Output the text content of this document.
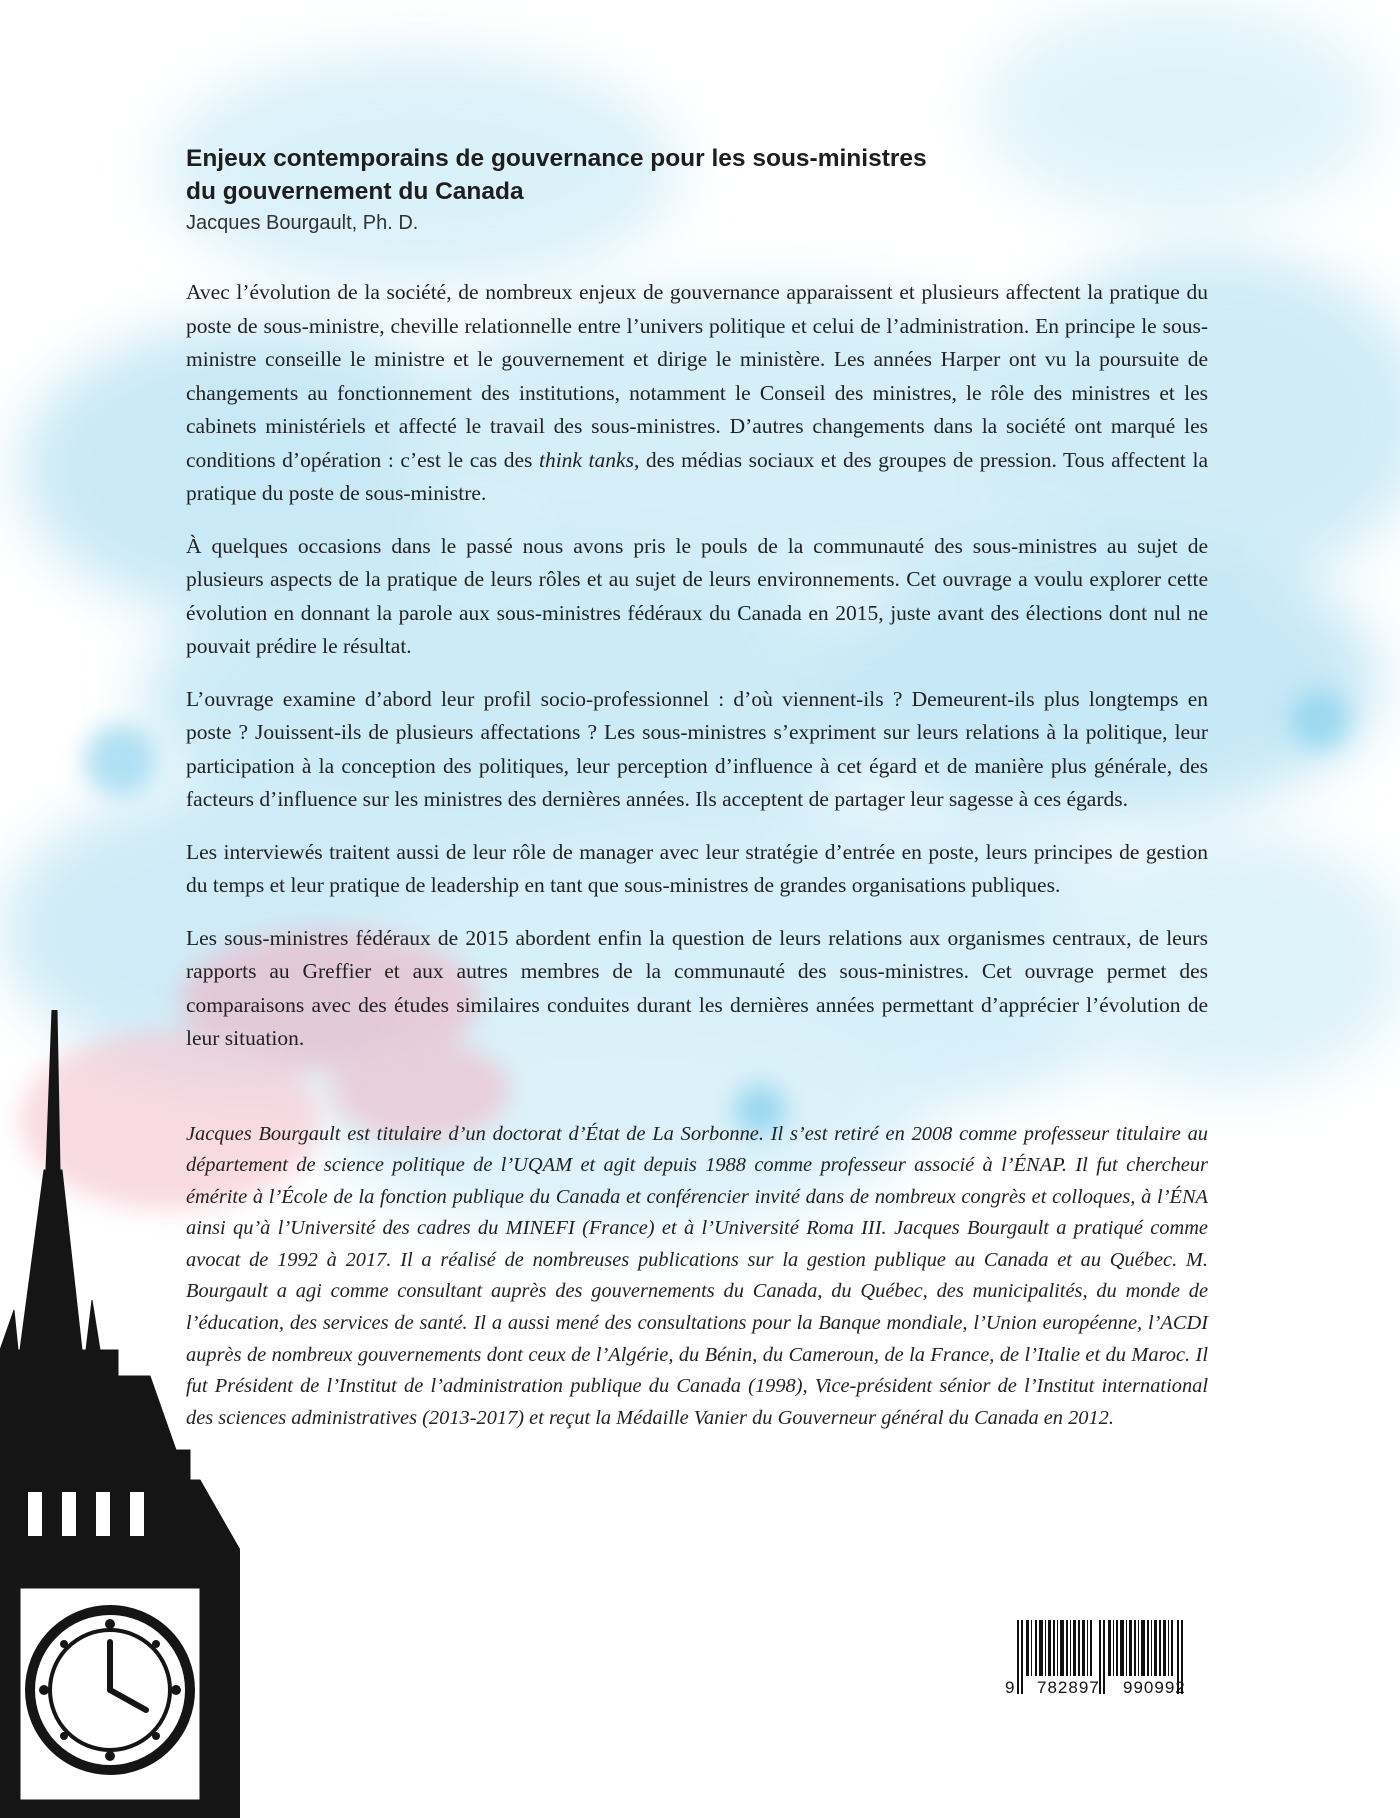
Enjeux contemporains de gouvernance pour les sous-ministres
du gouvernement du Canada
Jacques Bourgault, Ph. D.

Avec l’évolution de la société, de nombreux enjeux de gouvernance apparaissent et plusieurs affectent la pratique du poste de sous-ministre, cheville relationnelle entre l’univers politique et celui de l’administration. En principe le sous-ministre conseille le ministre et le gouvernement et dirige le ministère. Les années Harper ont vu la poursuite de changements au fonctionnement des institutions, notamment le Conseil des ministres, le rôle des ministres et les cabinets ministériels et affecté le travail des sous-ministres. D’autres changements dans la société ont marqué les conditions d’opération : c’est le cas des think tanks, des médias sociaux et des groupes de pression. Tous affectent la pratique du poste de sous-ministre.

À quelques occasions dans le passé nous avons pris le pouls de la communauté des sous-ministres au sujet de plusieurs aspects de la pratique de leurs rôles et au sujet de leurs environnements. Cet ouvrage a voulu explorer cette évolution en donnant la parole aux sous-ministres fédéraux du Canada en 2015, juste avant des élections dont nul ne pouvait prédire le résultat.

L’ouvrage examine d’abord leur profil socio-professionnel : d’où viennent-ils ? Demeurent-ils plus longtemps en poste ? Jouissent-ils de plusieurs affectations ? Les sous-ministres s’expriment sur leurs relations à la politique, leur participation à la conception des politiques, leur perception d’influence à cet égard et de manière plus générale, des facteurs d’influence sur les ministres des dernières années. Ils acceptent de partager leur sagesse à ces égards.

Les interviewés traitent aussi de leur rôle de manager avec leur stratégie d’entrée en poste, leurs principes de gestion du temps et leur pratique de leadership en tant que sous-ministres de grandes organisations publiques.

Les sous-ministres fédéraux de 2015 abordent enfin la question de leurs relations aux organismes centraux, de leurs rapports au Greffier et aux autres membres de la communauté des sous-ministres. Cet ouvrage permet des comparaisons avec des études similaires conduites durant les dernières années permettant d’apprécier l’évolution de leur situation.

Jacques Bourgault est titulaire d’un doctorat d’État de La Sorbonne. Il s’est retiré en 2008 comme professeur titulaire au département de science politique de l’UQAM et agit depuis 1988 comme professeur associé à l’ÉNAP. Il fut chercheur émérite à l’École de la fonction publique du Canada et conférencier invité dans de nombreux congrès et colloques, à l’ÉNA ainsi qu’à l’Université des cadres du MINEFI (France) et à l’Université Roma III. Jacques Bourgault a pratiqué comme avocat de 1992 à 2017. Il a réalisé de nombreuses publications sur la gestion publique au Canada et au Québec. M. Bourgault a agi comme consultant auprès des gouvernements du Canada, du Québec, des municipalités, du monde de l’éducation, des services de santé. Il a aussi mené des consultations pour la Banque mondiale, l’Union européenne, l’ACDI auprès de nombreux gouvernements dont ceux de l’Algérie, du Bénin, du Cameroun, de la France, de l’Italie et du Maroc. Il fut Président de l’Institut de l’administration publique du Canada (1998), Vice-président sénior de l’Institut international des sciences administratives (2013-2017) et reçut la Médaille Vanier du Gouverneur général du Canada en 2012.

9 782897 990992
